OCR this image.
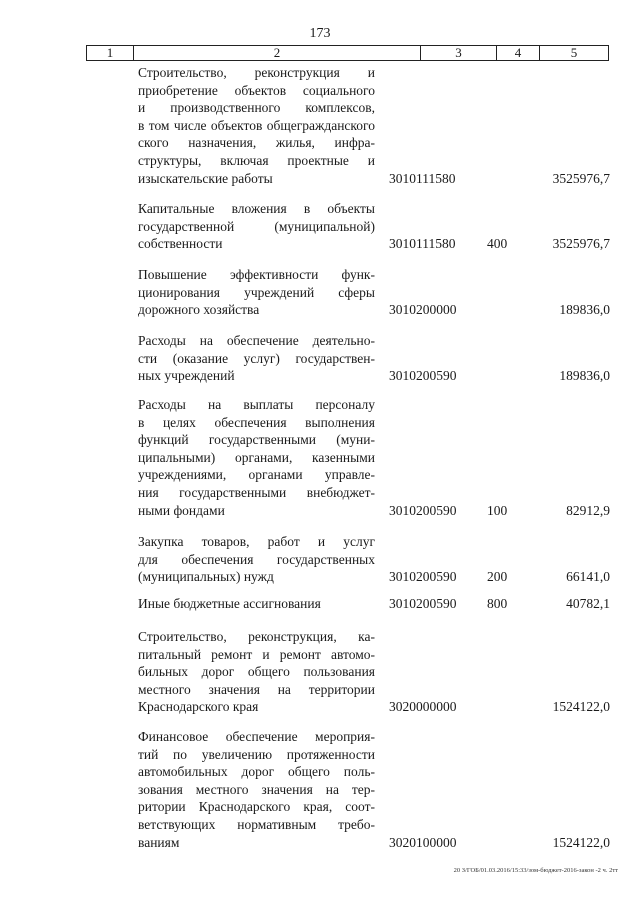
173
1	2	3	4	5
Строительство, реконструкция и
приобретение объектов социального
и производственного комплексов,
в том числе объектов общегражданского
ского назначения, жилья, инфра-
структуры, включая проектные и
изыскательские работы	3010111580	3525976,7
Капитальные вложения в объекты
государственной (муниципальной)
собственности	3010111580 400	3525976,7
Повышение эффективности функ-
ционирования учреждений сферы
дорожного хозяйства	3010200000	189836,0
Расходы на обеспечение деятельно-
сти (оказание услуг) государствен-
ных учреждений	3010200590	189836,0
Расходы на выплаты персоналу
в целях обеспечения выполнения
функций государственными (муни-
ципальными) органами, казенными
учреждениями, органами управле-
ния государственными внебюджет-
ными фондами	3010200590 100	82912,9
Закупка товаров, работ и услуг
для обеспечения государственных
(муниципальных) нужд	3010200590 200	66141,0
Иные бюджетные ассигнования	3010200590 800	40782,1
Строительство, реконструкция, ка-
питальный ремонт и ремонт автомо-
бильных дорог общего пользования
местного значения на территории
Краснодарского края	3020000000	1524122,0
Финансовое обеспечение мероприя-
тий по увеличению протяженности
автомобильных дорог общего поль-
зования местного значения на тер-
ритории Краснодарского края, соот-
ветствующих нормативным требо-
ваниям	3020100000	1524122,0
20 З/ГОБ/01.03.2016/15:33/зом-бюджет-2016-закон -2 ч. 2тт
